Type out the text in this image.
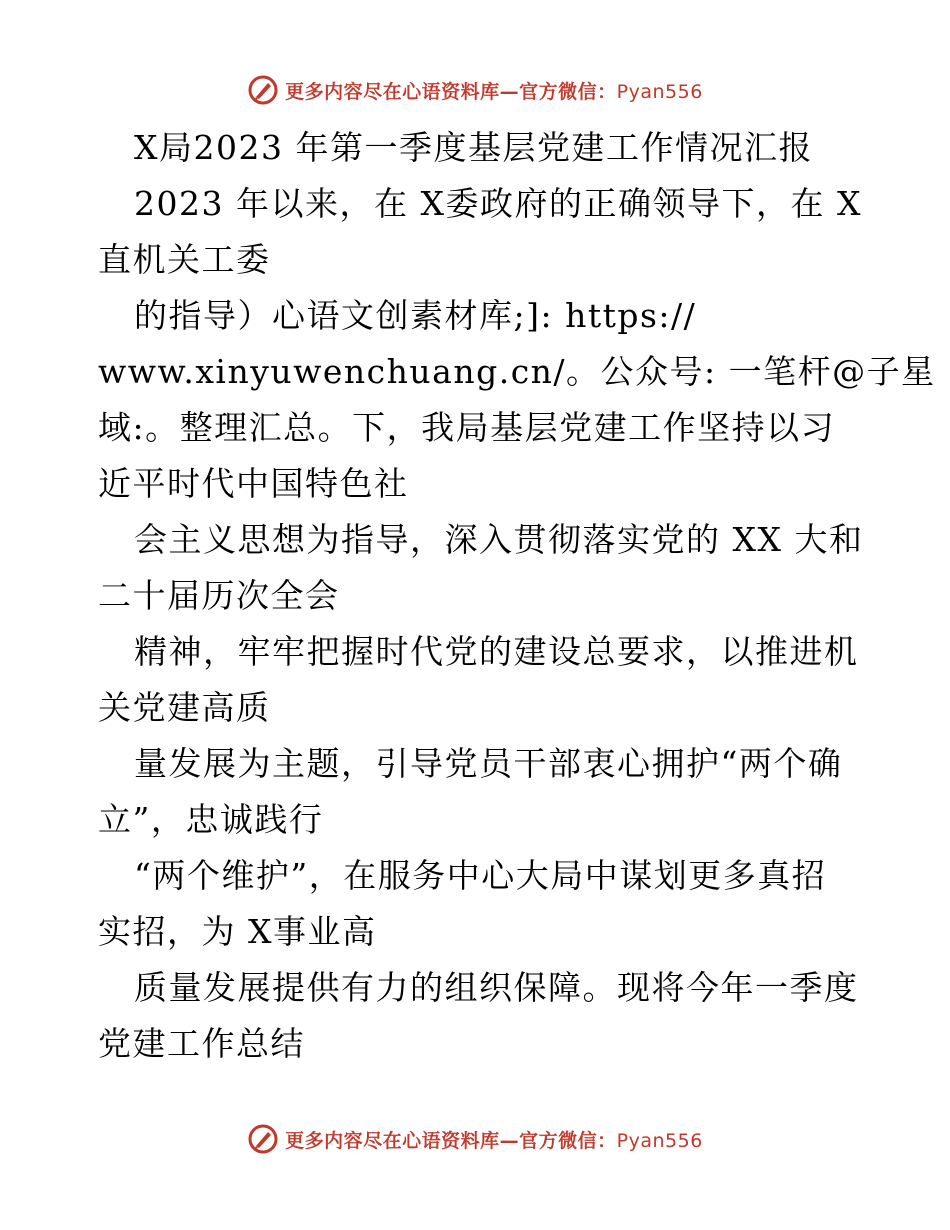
更多内容尽在心语资料库—官方微信：Pyan556
X局2023 年第一季度基层党建工作情况汇报
2023 年以来，在 X委政府的正确领导下，在 X
直机关工委
的指导）心语文创素材库;]: https://
www.xinyuwenchuang.cn/。公众号: 一笔杆@子星
域:。整理汇总。下，我局基层党建工作坚持以习
近平时代中国特色社
会主义思想为指导，深入贯彻落实党的 XX 大和
二十届历次全会
精神，牢牢把握时代党的建设总要求，以推进机
关党建高质
量发展为主题，引导党员干部衷心拥护“两个确
立”，忠诚践行
“两个维护”，在服务中心大局中谋划更多真招
实招，为 X事业高
质量发展提供有力的组织保障。现将今年一季度
党建工作总结
更多内容尽在心语资料库—官方微信：Pyan556
